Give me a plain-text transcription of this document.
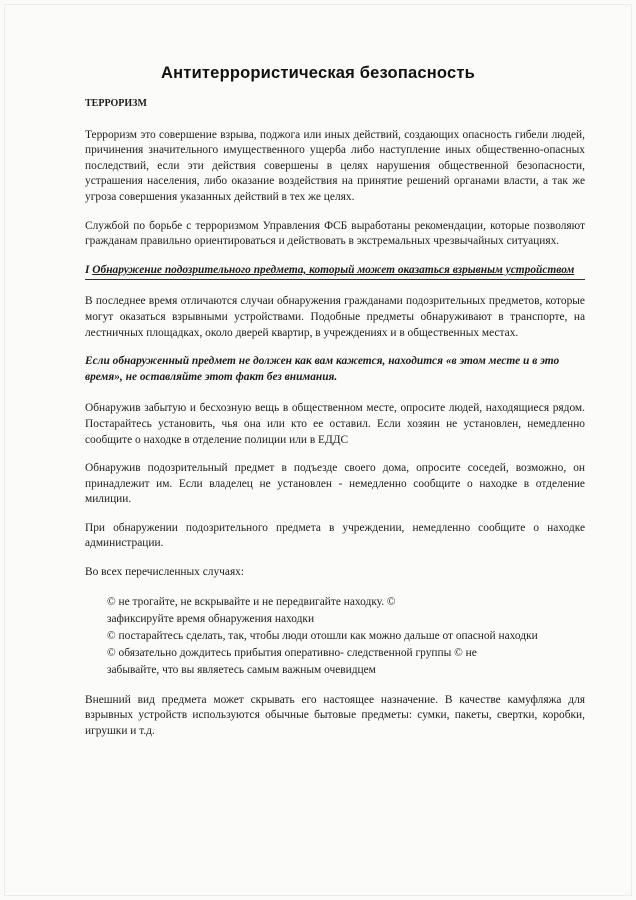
Антитеррористическая безопасность
ТЕРРОРИЗМ

Терроризм это совершение взрыва, поджога или иных действий, создающих опасность гибели людей, причинения значительного имущественного ущерба либо наступление иных общественно-опасных последствий, если эти действия совершены в целях нарушения общественной безопасности, устрашения населения, либо оказание воздействия на принятие решений органами власти, а так же угроза совершения указанных действий в тех же целях.

Службой по борьбе с терроризмом Управления ФСБ выработаны рекомендации, которые позволяют гражданам правильно ориентироваться и действовать в экстремальных чрезвычайных ситуациях.

I Обнаружение подозрительного предмета, который может оказаться взрывным устройством

В последнее время отличаются случаи обнаружения гражданами подозрительных предметов, которые могут оказаться взрывными устройствами. Подобные предметы обнаруживают в транспорте, на лестничных площадках, около дверей квартир, в учреждениях и в общественных местах.

Если обнаруженный предмет не должен как вам кажется, находится «в этом месте и в это время», не оставляйте этот факт без внимания.

Обнаружив забытую и бесхозную вещь в общественном месте, опросите людей, находящиеся рядом. Постарайтесь установить, чья она или кто ее оставил. Если хозяин не установлен, немедленно сообщите о находке в отделение полиции или в ЕДДС

Обнаружив подозрительный предмет в подъезде своего дома, опросите соседей, возможно, он принадлежит им. Если владелец не установлен - немедленно сообщите о находке в отделение милиции.

При обнаружении подозрительного предмета в учреждении, немедленно сообщите о находке администрации.

Во всех перечисленных случаях:

© не трогайте, не вскрывайте и не передвигайте находку. ©
зафиксируйте время обнаружения находки
© постарайтесь сделать, так, чтобы люди отошли как можно дальше от опасной находки
© обязательно дождитесь прибытия оперативно- следственной группы © не
забывайте, что вы являетесь самым важным очевидцем

Внешний вид предмета может скрывать его настоящее назначение. В качестве камуфляжа для взрывных устройств используются обычные бытовые предметы: сумки, пакеты, свертки, коробки, игрушки и т.д.
